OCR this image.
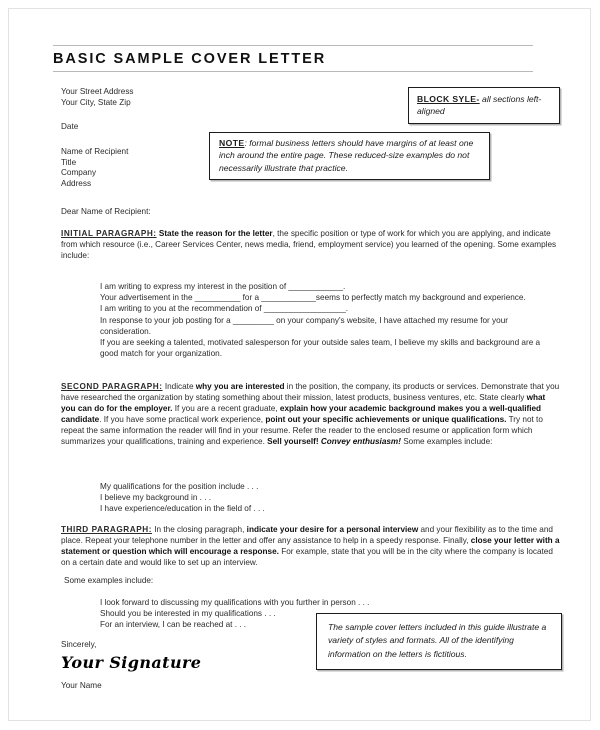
BASIC SAMPLE COVER LETTER
Your Street Address
Your City, State Zip
Date
Name of Recipient
Title
Company
Address
Dear Name of Recipient:
BLOCK SYLE- all sections left-aligned
NOTE: formal business letters should have margins of at least one inch around the entire page. These reduced-size examples do not necessarily illustrate that practice.
INITIAL PARAGRAPH: State the reason for the letter, the specific position or type of work for which you are applying, and indicate from which resource (i.e., Career Services Center, news media, friend, employment service) you learned of the opening. Some examples include:
I am writing to express my interest in the position of ____________.
Your advertisement in the __________ for a ____________seems to perfectly match my background and experience.
I am writing to you at the recommendation of __________________.
In response to your job posting for a _________ on your company's website, I have attached my resume for your consideration.
If you are seeking a talented, motivated salesperson for your outside sales team, I believe my skills and background are a good match for your organization.
SECOND PARAGRAPH: Indicate why you are interested in the position, the company, its products or services. Demonstrate that you have researched the organization by stating something about their mission, latest products, business ventures, etc. State clearly what you can do for the employer. If you are a recent graduate, explain how your academic background makes you a well-qualified candidate. If you have some practical work experience, point out your specific achievements or unique qualifications. Try not to repeat the same information the reader will find in your resume. Refer the reader to the enclosed resume or application form which summarizes your qualifications, training and experience. Sell yourself! Convey enthusiasm! Some examples include:
My qualifications for the position include . . .
I believe my background in . . .
I have experience/education in the field of . . .
THIRD PARAGRAPH: In the closing paragraph, indicate your desire for a personal interview and your flexibility as to the time and place. Repeat your telephone number in the letter and offer any assistance to help in a speedy response. Finally, close your letter with a statement or question which will encourage a response. For example, state that you will be in the city where the company is located on a certain date and would like to set up an interview.
Some examples include:
I look forward to discussing my qualifications with you further in person . . .
Should you be interested in my qualifications . . .
For an interview, I can be reached at . . .	The sample cover letters included in this guide illustrate a variety of styles and formats. All of the identifying information on the letters is fictitious.
Sincerely,
Your Signature
Your Name
